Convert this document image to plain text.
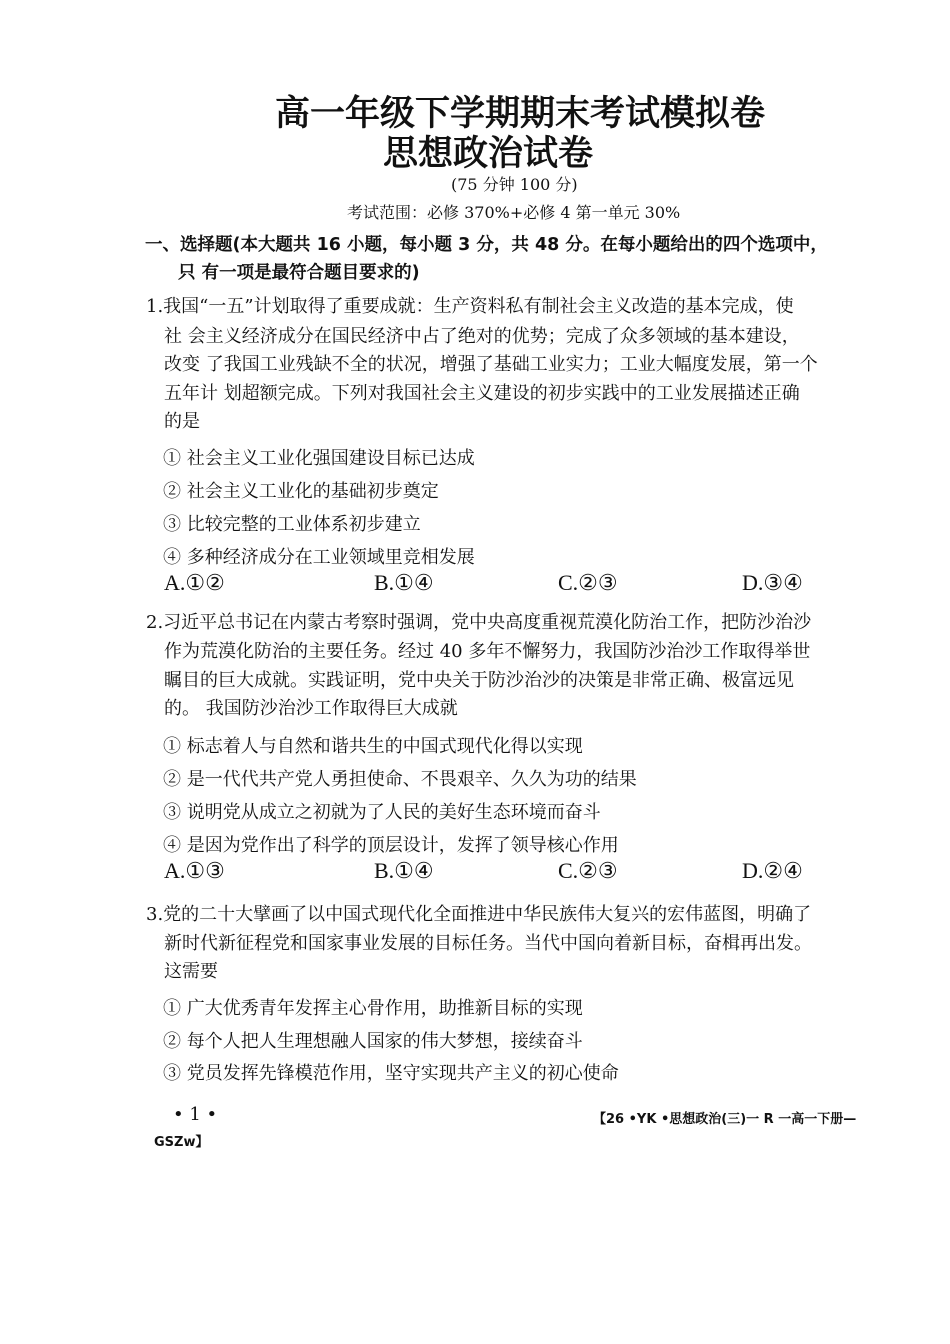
高一年级下学期期末考试模拟卷
思想政治试卷
(75 分钟 100 分)
考试范围：必修 370%+必修 4 第一单元 30%
一、选择题(本大题共 16 小题，每小题 3 分，共 48 分。在每小题给出的四个选项中，
只 有一项是最符合题目要求的)
1.我国“一五”计划取得了重要成就：生产资料私有制社会主义改造的基本完成，使
社 会主义经济成分在国民经济中占了绝对的优势；完成了众多领域的基本建设，
改变 了我国工业残缺不全的状况，增强了基础工业实力；工业大幅度发展，第一个
五年计 划超额完成。下列对我国社会主义建设的初步实践中的工业发展描述正确
的是
① 社会主义工业化强国建设目标已达成
② 社会主义工业化的基础初步奠定
③ 比较完整的工业体系初步建立
④ 多种经济成分在工业领域里竞相发展
A.①②	B.①④	C.②③	D.③④
2.习近平总书记在内蒙古考察时强调，党中央高度重视荒漠化防治工作，把防沙治沙
作为荒漠化防治的主要任务。经过 40 多年不懈努力，我国防沙治沙工作取得举世
瞩目的巨大成就。实践证明，党中央关于防沙治沙的决策是非常正确、极富远见
的。 我国防沙治沙工作取得巨大成就
① 标志着人与自然和谐共生的中国式现代化得以实现
② 是一代代共产党人勇担使命、不畏艰辛、久久为功的结果
③ 说明党从成立之初就为了人民的美好生态环境而奋斗
④ 是因为党作出了科学的顶层设计，发挥了领导核心作用
A.①③	B.①④	C.②③	D.②④
3.党的二十大擘画了以中国式现代化全面推进中华民族伟大复兴的宏伟蓝图，明确了
新时代新征程党和国家事业发展的目标任务。当代中国向着新目标，奋楫再出发。
这需要
① 广大优秀青年发挥主心骨作用，助推新目标的实现
② 每个人把人生理想融人国家的伟大梦想，接续奋斗
③ 党员发挥先锋模范作用，坚守实现共产主义的初心使命
• 1 •	【26 •YK •思想政治(三)一 R 一高一下册—
GSZw】
